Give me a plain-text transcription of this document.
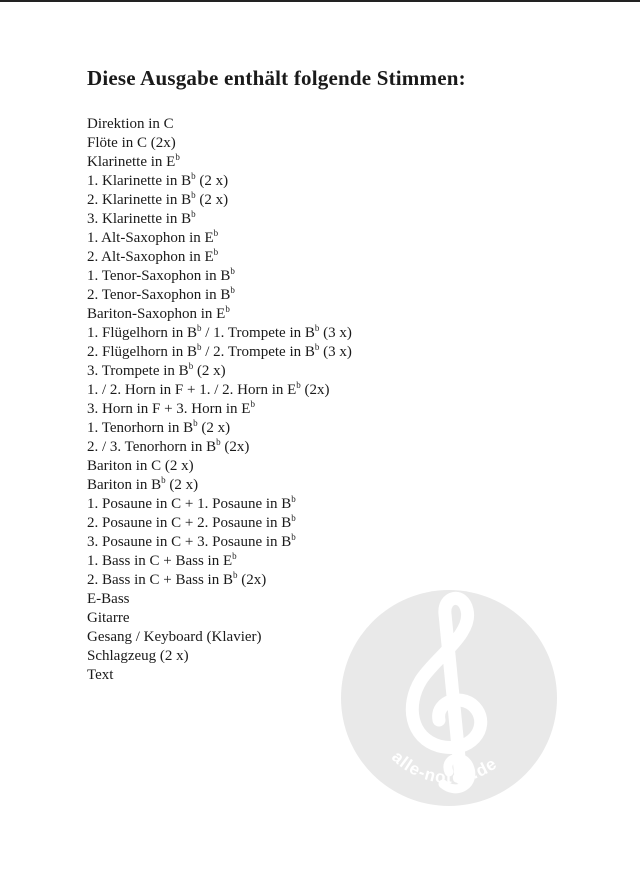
Diese Ausgabe enthält folgende Stimmen:
Direktion in C
Flöte in C (2x)
Klarinette in $E^b$
1. Klarinette in $B^b$ (2 x)
2. Klarinette in $B^b$ (2 x)
3. Klarinette in $B^b$
1. Alt-Saxophon in $E^b$
2. Alt-Saxophon in $E^b$
1. Tenor-Saxophon in $B^b$
2. Tenor-Saxophon in $B^b$
Bariton-Saxophon in $E^b$
1. Flügelhorn in $B^b / 1$. Trompete in $B^b$ (3 x)
2. Flügelhorn in $B^b / 2$. Trompete in $B^b$ (3 x)
3. Trompete in $B^b$ (2 x)
1. / 2. Horn in F + 1. / 2. Horn in $E^b$ (2x)
3. Horn in F + 3. Horn in $E^b$
1. Tenorhorn in $B^b$ (2 x)
2. / 3. Tenorhorn in $B^b$ (2x)
Bariton in C (2 x)
Bariton in $B^b$ (2 x)
1. Posaune in C + 1. Posaune in $B^b$
2. Posaune in C + 2. Posaune in $B^b$
3. Posaune in C + 3. Posaune in $B^b$
1. Bass in C + Bass in $E^b$
2. Bass in C + Bass in $B^b$ (2x)
E-Bass
Gitarre
Gesang / Keyboard (Klavier)
Schlagzeug (2 x)
Text
alle-noten.de
